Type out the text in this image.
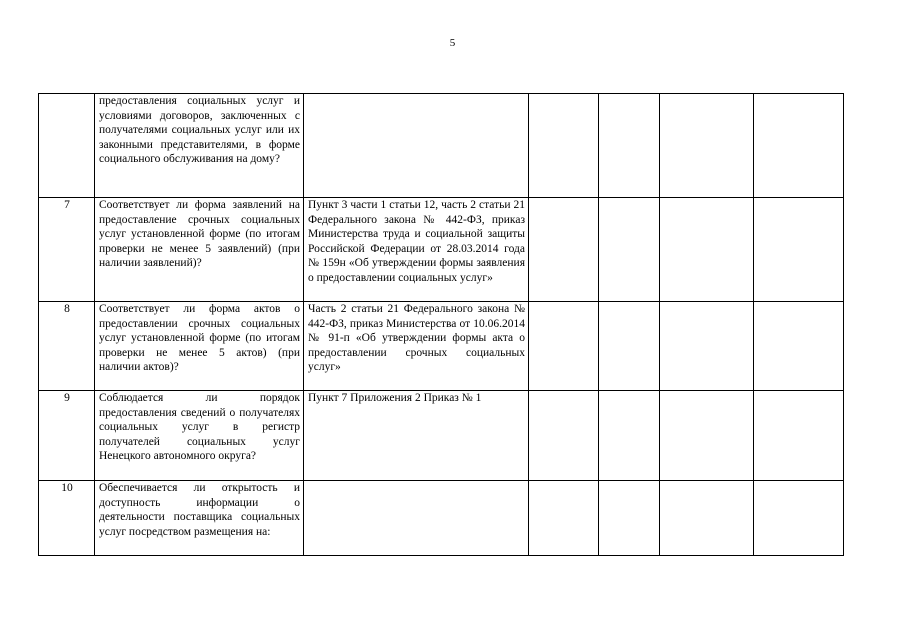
5
	предоставления социальных услуг и условиями договоров, заключенных с получателями социальных услуг или их законными представителями, в форме социального обслуживания на дому?					
7	Соответствует ли форма заявлений на предоставление срочных социальных услуг установленной форме (по итогам проверки не менее 5 заявлений) (при наличии заявлений)?	Пункт 3 части 1 статьи 12, часть 2 статьи 21 Федерального закона № 442-ФЗ, приказ Министерства труда и социальной защиты Российской Федерации от 28.03.2014 года № 159н «Об утверждении формы заявления о предоставлении социальных услуг»				
8	Соответствует ли форма актов о предоставлении срочных социальных услуг установленной форме (по итогам проверки не менее 5 актов) (при наличии актов)?	Часть 2 статьи 21 Федерального закона № 442-ФЗ, приказ Министерства от 10.06.2014 № 91-п «Об утверждении формы акта о предоставлении срочных социальных услуг»				
9	Соблюдается ли порядок предоставления сведений о получателях социальных услуг в регистр получателей социальных услуг Ненецкого автономного округа?	Пункт 7 Приложения 2 Приказ № 1				
10	Обеспечивается ли открытость и доступность информации о деятельности поставщика социальных услуг посредством размещения на:					
